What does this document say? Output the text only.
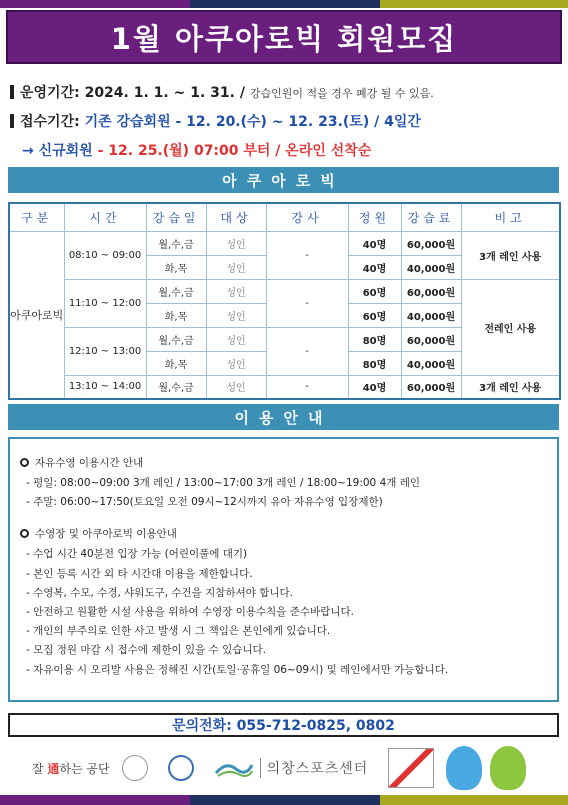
1월 아쿠아로빅 회원모집
운영기간: 2024. 1. 1. ~ 1. 31. / 강습인원이 적을 경우 폐강 될 수 있음.
접수기간: 기존 강습회원 - 12. 20.(수) ~ 12. 23.(토) / 4일간
→ 신규회원 - 12. 25.(월) 07:00 부터 / 온라인 선착순
아쿠아로빅
구분	시간	강습일	대상	강사	정원	강습료	비고
아쿠아로빅	08:10 ~ 09:00	월,수,금	성인	-	40명	60,000원	3개 레인 사용
		화,목	성인		40명	40,000원	
	11:10 ~ 12:00	월,수,금	성인	-	60명	60,000원	전레인 사용
		화,목	성인		60명	40,000원	
	12:10 ~ 13:00	월,수,금	성인	-	80명	60,000원	
		화,목	성인		80명	40,000원	
	13:10 ~ 14:00	월,수,금	성인	-	40명	60,000원	3개 레인 사용
이용안내
자유수영 이용시간 안내
- 평일: 08:00~09:00 3개 레인 / 13:00~17:00 3개 레인 / 18:00~19:00 4개 레인
- 주말: 06:00~17:50(토요일 오전 09시~12시까지 유아 자유수영 입장제한)
수영장 및 아쿠아로빅 이용안내
- 수업 시간 40분전 입장 가능 (어린이풀에 대기)
- 본인 등록 시간 외 타 시간대 이용을 제한합니다.
- 수영복, 수모, 수경, 샤워도구, 수건을 지참하셔야 합니다.
- 안전하고 원활한 시설 사용을 위하여 수영장 이용수칙을 준수바랍니다.
- 개인의 부주의로 인한 사고 발생 시 그 책임은 본인에게 있습니다.
- 모집 정원 마감 시 접수에 제한이 있을 수 있습니다.
- 자유이용 시 오리발 사용은 정해진 시간(토일·공휴일 06~09시) 및 레인에서만 가능합니다.
문의전화: 055-712-0825, 0802
잘 通하는 공단	의창스포츠센터
